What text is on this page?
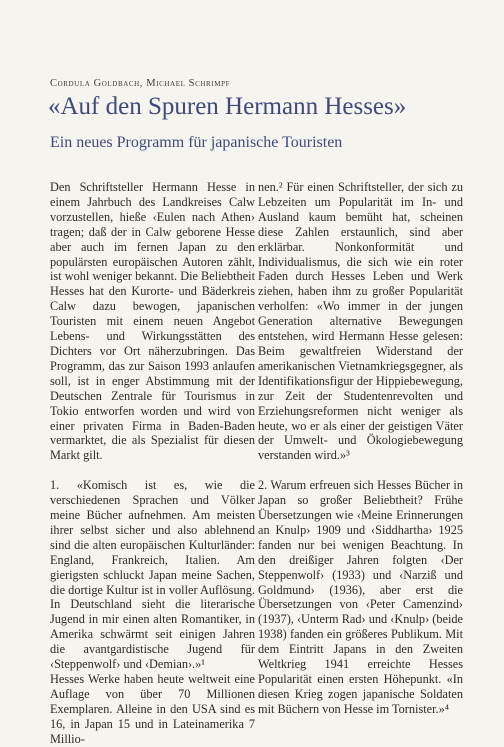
Cordula Goldbach, Michael Schrimpf
«Auf den Spuren Hermann Hesses»
Ein neues Programm für japanische Touristen

Den Schriftsteller Hermann Hesse in einem Jahrbuch des Landkreises Calw vorzustellen, hieße ‹Eulen nach Athen› tragen; daß der in Calw geborene Hesse aber auch im fernen Japan zu den populärsten europäischen Autoren zählt, ist wohl weniger bekannt. Die Beliebtheit Hesses hat den Kurorte- und Bäderkreis Calw dazu bewogen, japanischen Touristen mit einem neuen Angebot Lebens- und Wirkungsstätten des Dichters vor Ort näherzubringen. Das Programm, das zur Saison 1993 anlaufen soll, ist in enger Abstimmung mit der Deutschen Zentrale für Tourismus in Tokio entworfen worden und wird von einer privaten Firma in Baden-Baden vermarktet, die als Spezialist für diesen Markt gilt.

1. «Komisch ist es, wie die verschiedenen Sprachen und Völker meine Bücher aufnehmen. Am meisten ihrer selbst sicher und also ablehnend sind die alten europäischen Kulturländer: England, Frankreich, Italien. Am gierigsten schluckt Japan meine Sachen, die dortige Kultur ist in voller Auflösung. In Deutschland sieht die literarische Jugend in mir einen alten Romantiker, in Amerika schwärmt seit einigen Jahren die avantgardistische Jugend für ‹Steppenwolf› und ‹Demian›.»¹

Hesses Werke haben heute weltweit eine Auflage von über 70 Millionen Exemplaren. Alleine in den USA sind es 16, in Japan 15 und in Lateinamerika 7 Millio-

nen.² Für einen Schriftsteller, der sich zu Lebzeiten um Popularität im In- und Ausland kaum bemüht hat, scheinen diese Zahlen erstaunlich, sind aber erklärbar. Nonkonformität und Individualismus, die sich wie ein roter Faden durch Hesses Leben und Werk ziehen, haben ihm zu großer Popularität verholfen: «Wo immer in der jungen Generation alternative Bewegungen entstehen, wird Hermann Hesse gelesen: Beim gewaltfreien Widerstand der amerikanischen Vietnamkriegsgegner, als Identifikationsfigur der Hippiebewegung, zur Zeit der Studentenrevolten und Erziehungsreformen nicht weniger als heute, wo er als einer der geistigen Väter der Umwelt- und Ökologiebewegung verstanden wird.»³

2. Warum erfreuen sich Hesses Bücher in Japan so großer Beliebtheit? Frühe Übersetzungen wie ‹Meine Erinnerungen an Knulp› 1909 und ‹Siddhartha› 1925 fanden nur bei wenigen Beachtung. In den dreißiger Jahren folgten ‹Der Steppenwolf› (1933) und ‹Narziß und Goldmund› (1936), aber erst die Übersetzungen von ‹Peter Camenzind› (1937), ‹Unterm Rad› und ‹Knulp› (beide 1938) fanden ein größeres Publikum. Mit dem Eintritt Japans in den Zweiten Weltkrieg 1941 erreichte Hesses Popularität einen ersten Höhepunkt. «In diesen Krieg zogen japanische Soldaten mit Büchern von Hesse im Tornister.»⁴
